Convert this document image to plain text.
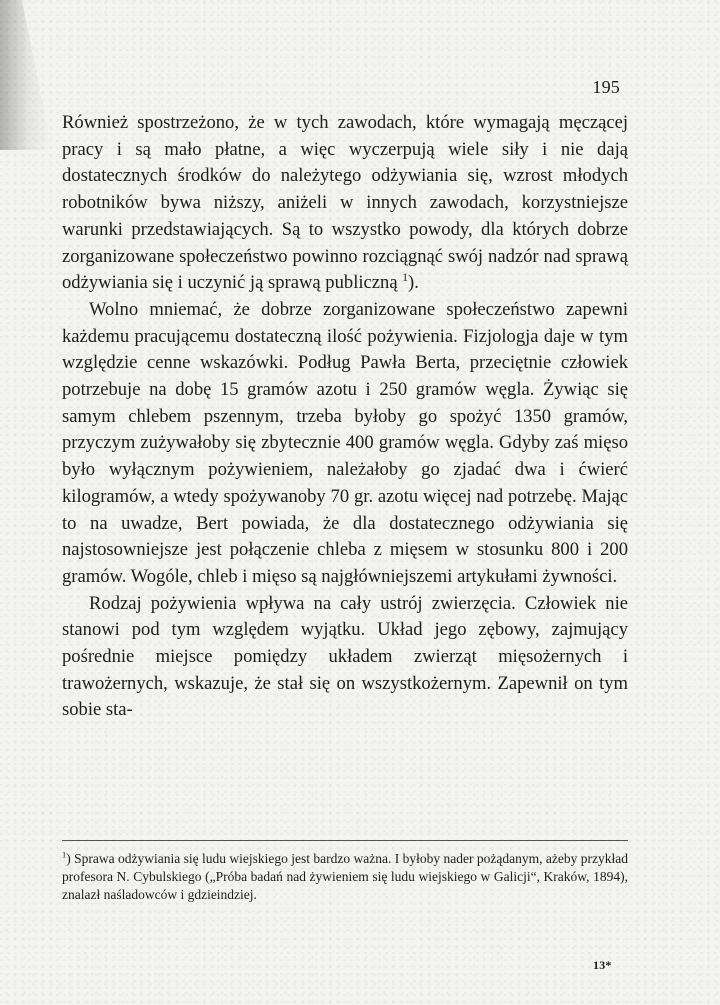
195

Również spostrzeżono, że w tych zawodach, które wymagają męczącej pracy i są mało płatne, a więc wyczerpują wiele siły i nie dają dostatecznych środków do należytego odżywiania się, wzrost młodych robotników bywa niższy, aniżeli w innych zawodach, korzystniejsze warunki przedstawiających. Są to wszystko powody, dla których dobrze zorganizowane społeczeństwo powinno rozciągnąć swój nadzór nad sprawą odżywiania się i uczynić ją sprawą publiczną $^1$).

Wolno mniemać, że dobrze zorganizowane społeczeństwo zapewni każdemu pracującemu dostateczną ilość pożywienia. Fizjologja daje w tym względzie cenne wskazówki. Podług Pawła Berta, przeciętnie człowiek potrzebuje na dobę 15 gramów azotu i 250 gramów węgla. Żywiąc się samym chlebem pszennym, trzeba byłoby go spożyć 1350 gramów, przyczym zużywałoby się zbytecznie 400 gramów węgla. Gdyby zaś mięso było wyłącznym pożywieniem, należałoby go zjadać dwa i ćwierć kilogramów, a wtedy spożywanoby 70 gr. azotu więcej nad potrzebę. Mając to na uwadze, Bert powiada, że dla dostatecznego odżywiania się najstosowniejsze jest połączenie chleba z mięsem w stosunku 800 i 200 gramów. Wogóle, chleb i mięso są najgłówniejszemi artykułami żywności.

Rodzaj pożywienia wpływa na cały ustrój zwierzęcia. Człowiek nie stanowi pod tym względem wyjątku. Układ jego zębowy, zajmujący pośrednie miejsce pomiędzy układem zwierząt mięsożernych i trawożernych, wskazuje, że stał się on wszystkożernym. Zapewnił on tym sobie sta-

$^1$) Sprawa odżywiania się ludu wiejskiego jest bardzo ważna. I byłoby nader pożądanym, ażeby przykład profesora N. Cybulskiego („Próba badań nad żywieniem się ludu wiejskiego w Galicji“, Kraków, 1894), znalazł naśladowców i gdzieindziej.

13*
